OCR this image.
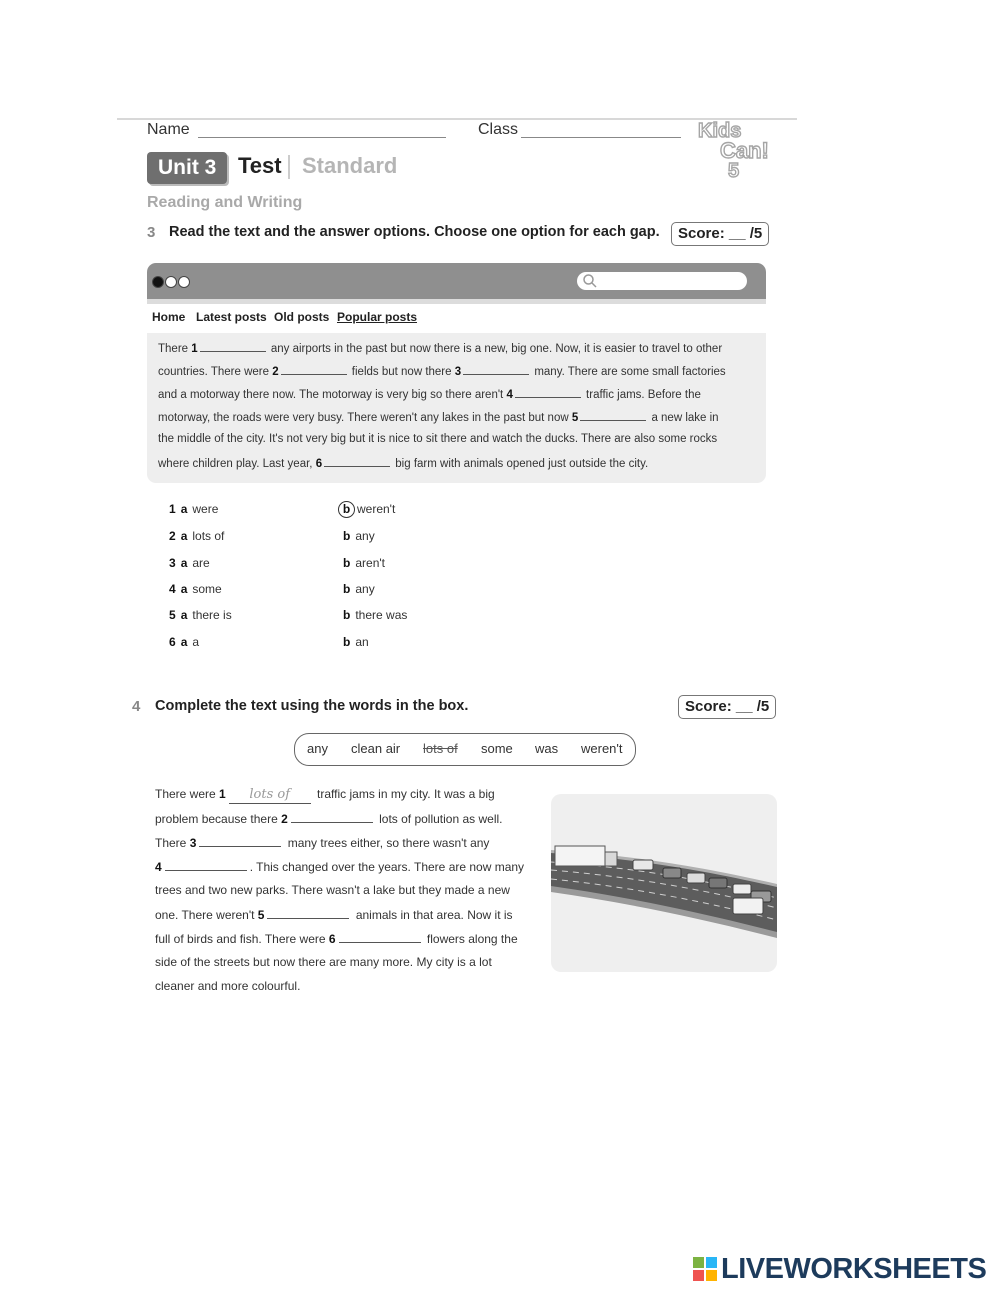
Name	Class	Kids
Can!
5
Unit 3 Test Standard
Reading and Writing
3 Read the text and the answer options. Choose one option for each gap.	Score: __ /5
Home Latest posts Old posts Popular posts
There 1	any airports in the past but now there is a new, big one. Now, it is easier to travel to other
countries. There were 2	fields but now there 3	many. There are some small factories
and a motorway there now. The motorway is very big so there aren't 4	traffic jams. Before the
motorway, the roads were very busy. There weren't any lakes in the past but now 5	a new lake in
the middle of the city. It's not very big but it is nice to sit there and watch the ducks. There are also some rocks
where children play. Last year, 6	big farm with animals opened just outside the city.
1 a were	b weren't
2 a lots of	b any
3 a are	b aren't
4 a some	b any
5 a there is	b there was
6 a a	b an
4 Complete the text using the words in the box.	Score: __ /5
any clean air lots of some was weren't
There were 1 lots of traffic jams in my city. It was a big
problem because there 2	lots of pollution as well.
There 3	many trees either, so there wasn't any
4	. This changed over the years. There are now many
trees and two new parks. There wasn't a lake but they made a new
one. There weren't 5	animals in that area. Now it is
full of birds and fish. There were 6	flowers along the
side of the streets but now there are many more. My city is a lot
cleaner and more colourful.
LIVEWORKSHEETS
